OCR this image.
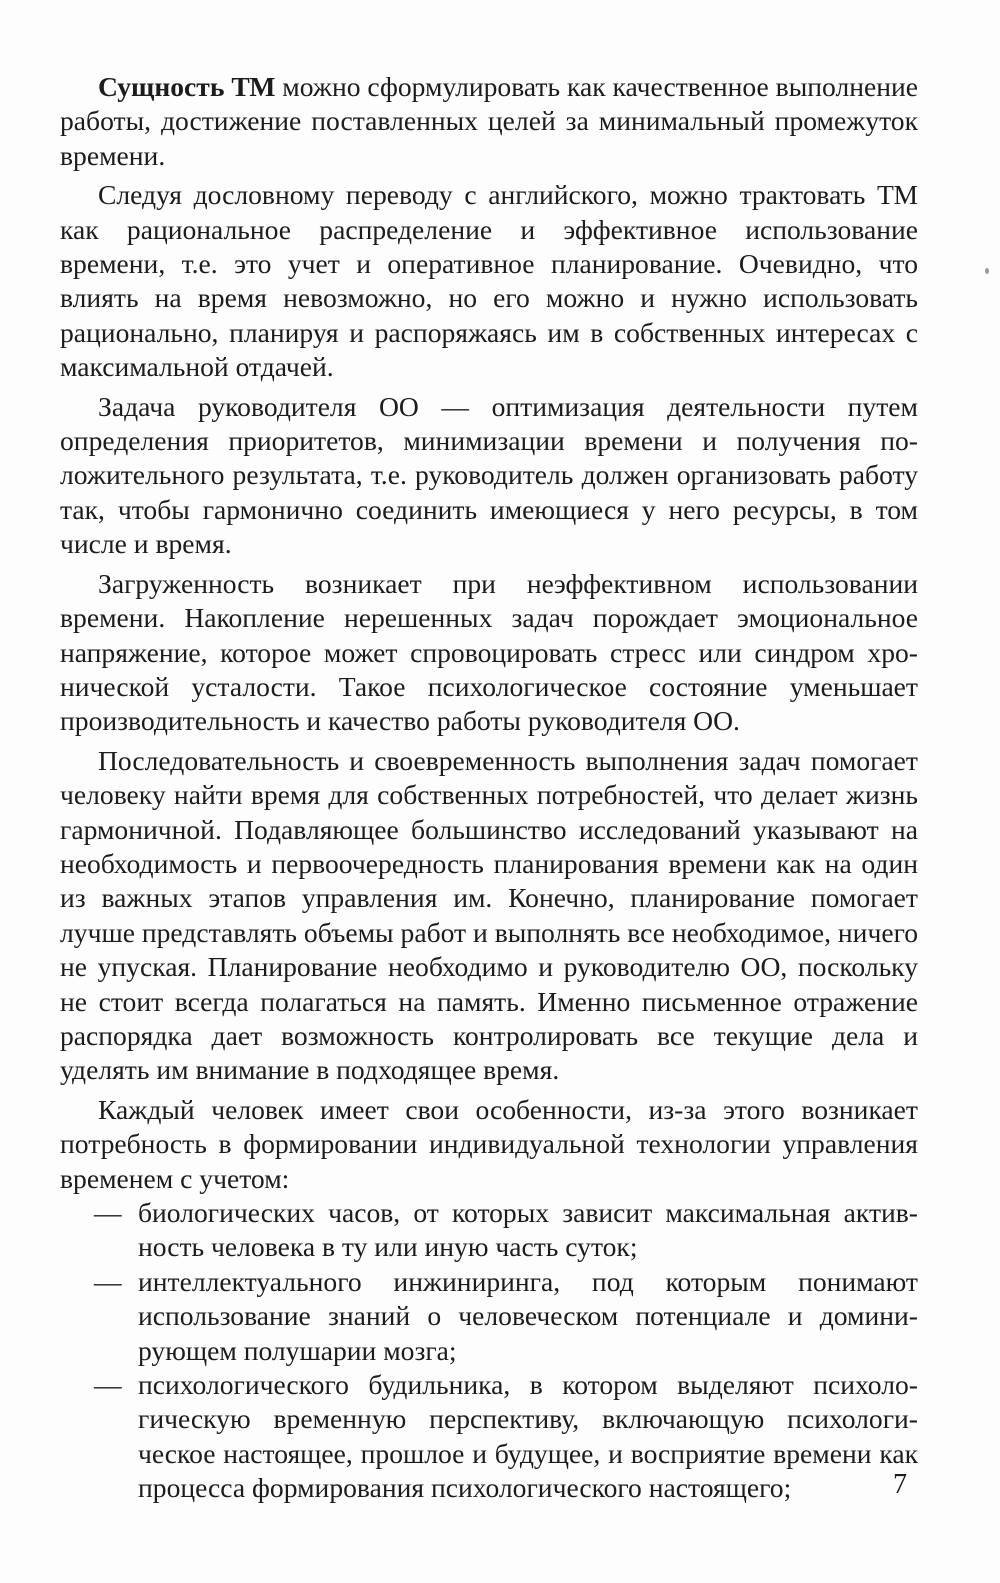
Сущность ТМ можно сформулировать как качественное выполнение работы, достижение поставленных целей за минимальный промежуток времени.

Следуя дословному переводу с английского, можно трактовать ТМ как рациональное распределение и эффективное использование времени, т.е. это учет и оперативное планирование. Очевидно, что влиять на время невозможно, но его можно и нужно использовать рационально, планируя и распоряжаясь им в собственных интересах с максимальной отдачей.

Задача руководителя ОО — оптимизация деятельности путем определения приоритетов, минимизации времени и получения положительного результата, т.е. руководитель должен организовать работу так, чтобы гармонично соединить имеющиеся у него ресурсы, в том числе и время.

Загруженность возникает при неэффективном использовании времени. Накопление нерешенных задач порождает эмоциональное напряжение, которое может спровоцировать стресс или синдром хронической усталости. Такое психологическое состояние уменьшает производительность и качество работы руководителя ОО.

Последовательность и своевременность выполнения задач помогает человеку найти время для собственных потребностей, что делает жизнь гармоничной. Подавляющее большинство исследований указывают на необходимость и первоочередность планирования времени как на один из важных этапов управления им. Конечно, планирование помогает лучше представлять объемы работ и выполнять все необходимое, ничего не упуская. Планирование необходимо и руководителю ОО, поскольку не стоит всегда полагаться на память. Именно письменное отражение распорядка дает возможность контролировать все текущие дела и уделять им внимание в подходящее время.

Каждый человек имеет свои особенности, из-за этого возникает потребность в формировании индивидуальной технологии управления временем с учетом:

— биологических часов, от которых зависит максимальная активность человека в ту или иную часть суток;
— интеллектуального инжиниринга, под которым понимают использование знаний о человеческом потенциале и доминирующем полушарии мозга;
— психологического будильника, в котором выделяют психологическую временную перспективу, включающую психологическое настоящее, прошлое и будущее, и восприятие времени как процесса формирования психологического настоящего;	7
